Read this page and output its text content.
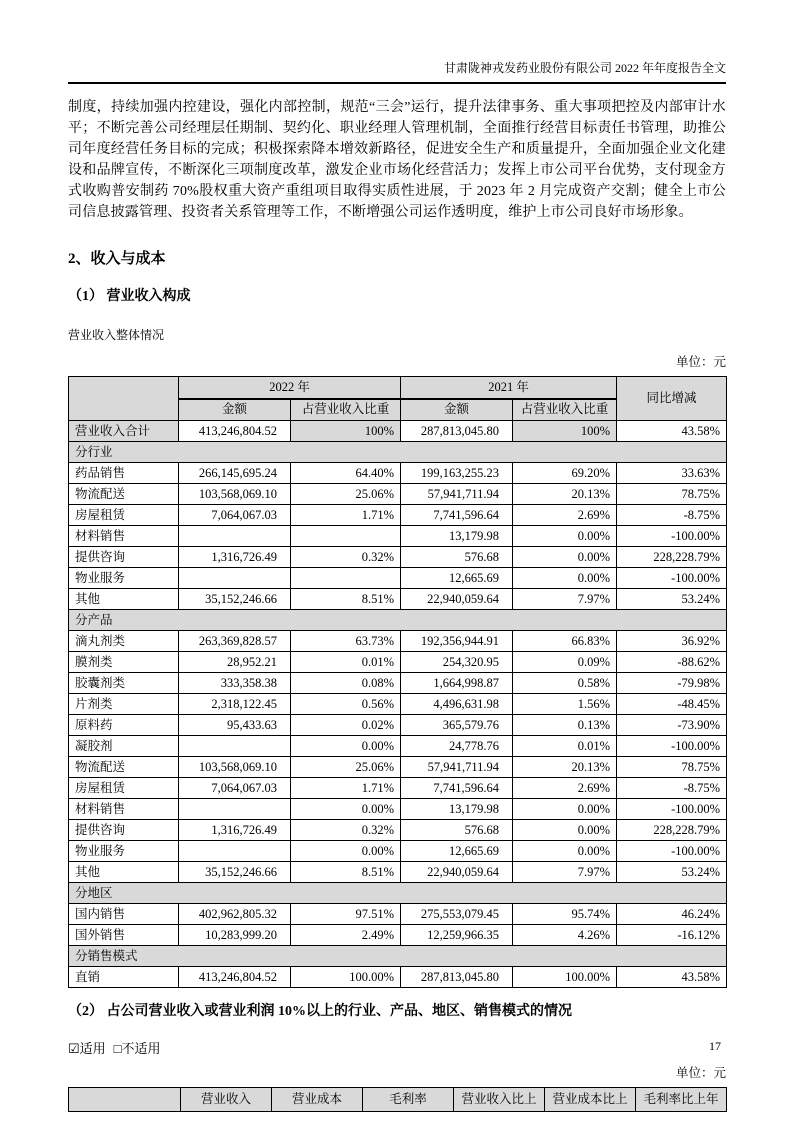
甘肃陇神戎发药业股份有限公司 2022 年年度报告全文

制度，持续加强内控建设，强化内部控制，规范“三会”运行，提升法律事务、重大事项把控及内部审计水平；不断完善公司经理层任期制、契约化、职业经理人管理机制，全面推行经营目标责任书管理，助推公司年度经营任务目标的完成；积极探索降本增效新路径，促进安全生产和质量提升，全面加强企业文化建设和品牌宣传，不断深化三项制度改革，激发企业市场化经营活力；发挥上市公司平台优势，支付现金方式收购普安制药 70%股权重大资产重组项目取得实质性进展，于 2023 年 2 月完成资产交割；健全上市公司信息披露管理、投资者关系管理等工作，不断增强公司运作透明度，维护上市公司良好市场形象。

2、收入与成本
（1） 营业收入构成
营业收入整体情况
单位：元
	2022 年		2021 年		同比增减
	金额	占营业收入比重	金额	占营业收入比重	
营业收入合计	413,246,804.52	100%	287,813,045.80	100%	43.58%
分行业					
药品销售	266,145,695.24	64.40%	199,163,255.23	69.20%	33.63%
物流配送	103,568,069.10	25.06%	57,941,711.94	20.13%	78.75%
房屋租赁	7,064,067.03	1.71%	7,741,596.64	2.69%	-8.75%
材料销售			13,179.98	0.00%	-100.00%
提供咨询	1,316,726.49	0.32%	576.68	0.00%	228,228.79%
物业服务			12,665.69	0.00%	-100.00%
其他	35,152,246.66	8.51%	22,940,059.64	7.97%	53.24%
分产品					
滴丸剂类	263,369,828.57	63.73%	192,356,944.91	66.83%	36.92%
膜剂类	28,952.21	0.01%	254,320.95	0.09%	-88.62%
胶囊剂类	333,358.38	0.08%	1,664,998.87	0.58%	-79.98%
片剂类	2,318,122.45	0.56%	4,496,631.98	1.56%	-48.45%
原料药	95,433.63	0.02%	365,579.76	0.13%	-73.90%
凝胶剂		0.00%	24,778.76	0.01%	-100.00%
物流配送	103,568,069.10	25.06%	57,941,711.94	20.13%	78.75%
房屋租赁	7,064,067.03	1.71%	7,741,596.64	2.69%	-8.75%
材料销售		0.00%	13,179.98	0.00%	-100.00%
提供咨询	1,316,726.49	0.32%	576.68	0.00%	228,228.79%
物业服务		0.00%	12,665.69	0.00%	-100.00%
其他	35,152,246.66	8.51%	22,940,059.64	7.97%	53.24%
分地区					
国内销售	402,962,805.32	97.51%	275,553,079.45	95.74%	46.24%
国外销售	10,283,999.20	2.49%	12,259,966.35	4.26%	-16.12%
分销售模式					
直销	413,246,804.52	100.00%	287,813,045.80	100.00%	43.58%
（2） 占公司营业收入或营业利润 10%以上的行业、产品、地区、销售模式的情况
☑适用 □不适用
单位：元
	营业收入	营业成本	毛利率	营业收入比上	营业成本比上	毛利率比上年
17
